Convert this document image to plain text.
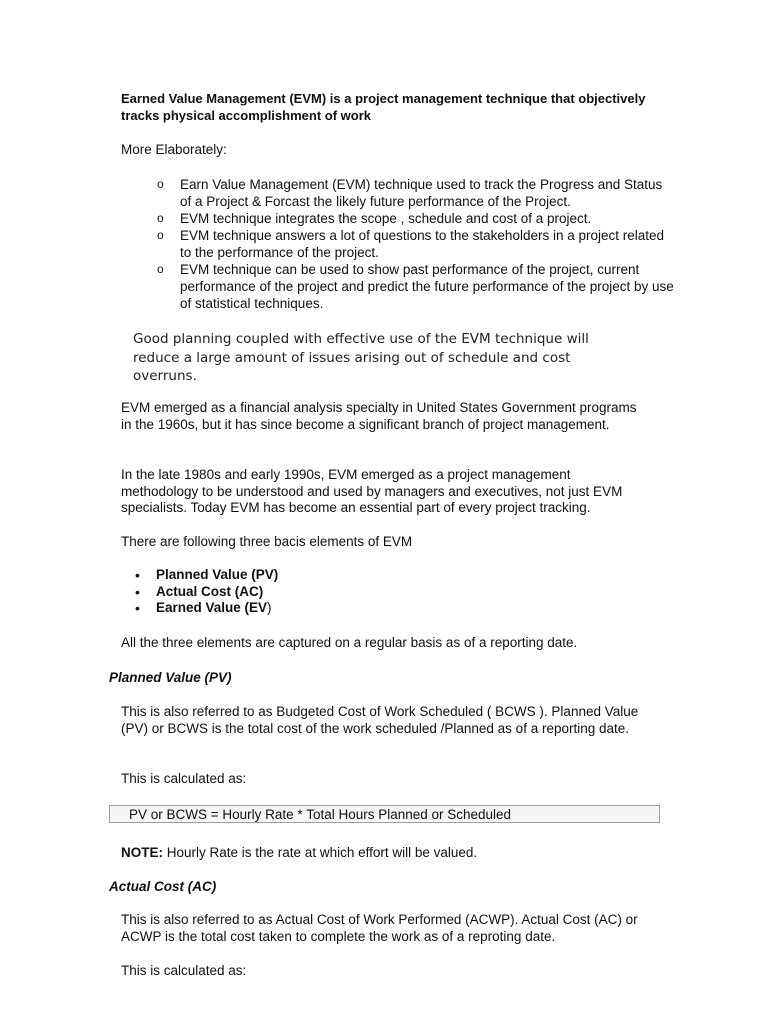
Earned Value Management (EVM) is a project management technique that objectively tracks physical accomplishment of work

More Elaborately:

o Earn Value Management (EVM) technique used to track the Progress and Status of a Project & Forcast the likely future performance of the Project.
o EVM technique integrates the scope , schedule and cost of a project.
o EVM technique answers a lot of questions to the stakeholders in a project related to the performance of the project.
o EVM technique can be used to show past performance of the project, current performance of the project and predict the future performance of the project by use of statistical techniques.

Good planning coupled with effective use of the EVM technique will reduce a large amount of issues arising out of schedule and cost overruns.

EVM emerged as a financial analysis specialty in United States Government programs in the 1960s, but it has since become a significant branch of project management.

In the late 1980s and early 1990s, EVM emerged as a project management methodology to be understood and used by managers and executives, not just EVM specialists. Today EVM has become an essential part of every project tracking.

There are following three bacis elements of EVM

• Planned Value (PV)
• Actual Cost (AC)
• Earned Value (EV)

All the three elements are captured on a regular basis as of a reporting date.

Planned Value (PV)

This is also referred to as Budgeted Cost of Work Scheduled ( BCWS ). Planned Value (PV) or BCWS is the total cost of the work scheduled /Planned as of a reporting date.

This is calculated as:

PV or BCWS = Hourly Rate * Total Hours Planned or Scheduled

NOTE: Hourly Rate is the rate at which effort will be valued.

Actual Cost (AC)

This is also referred to as Actual Cost of Work Performed (ACWP). Actual Cost (AC) or ACWP is the total cost taken to complete the work as of a reproting date.

This is calculated as:
